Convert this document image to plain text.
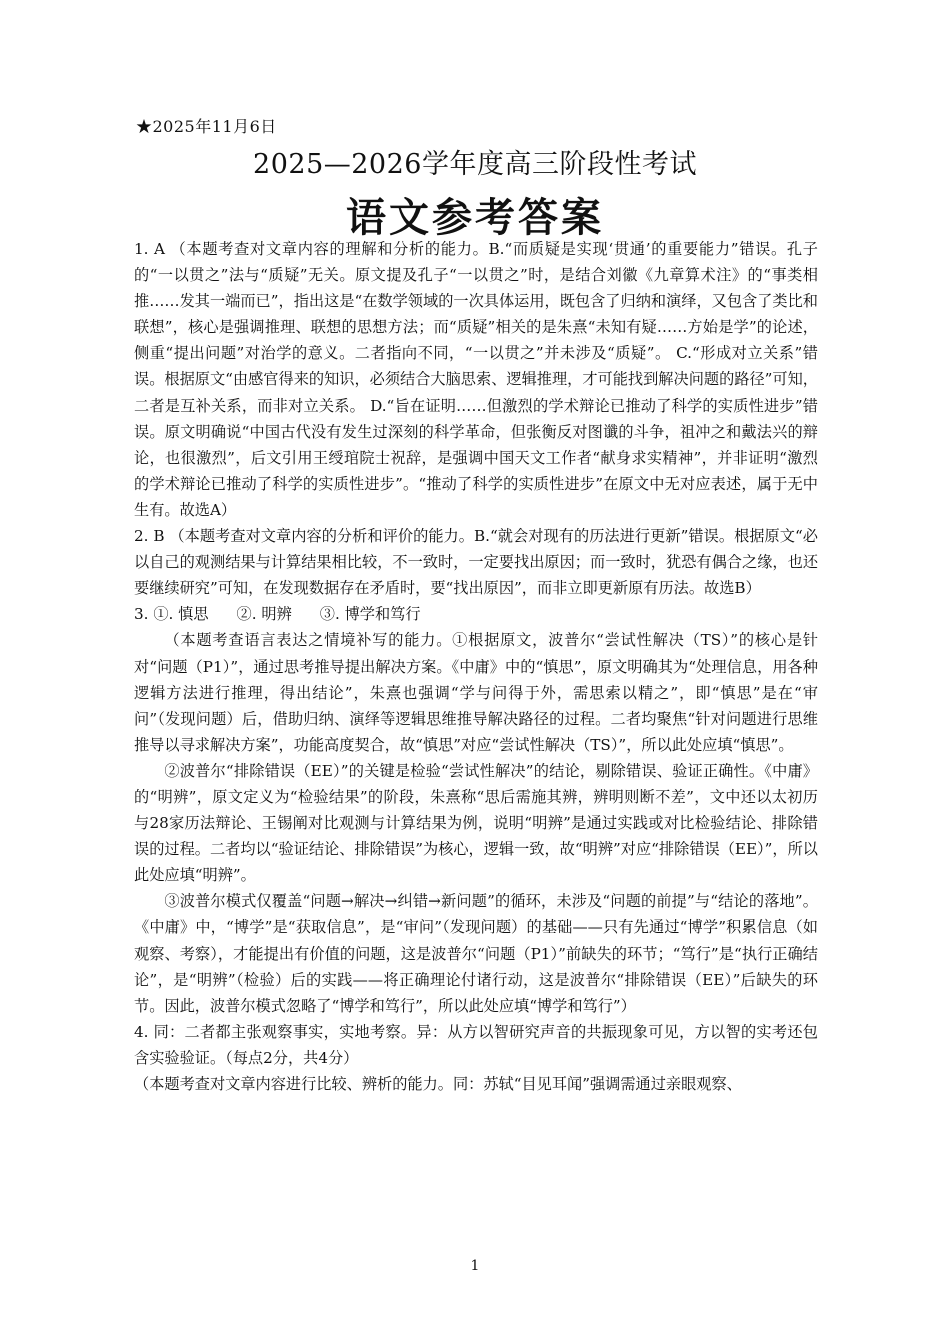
★2025年11月6日
2025—2026学年度高三阶段性考试
语文参考答案

1. A （本题考查对文章内容的理解和分析的能力。B.“而质疑是实现‘贯通’的重要能力”错误。孔子的“一以贯之”法与“质疑”无关。原文提及孔子“一以贯之”时，是结合刘徽《九章算术注》的“事类相推……发其一端而已”，指出这是“在数学领域的一次具体运用，既包含了归纳和演绎，又包含了类比和联想”，核心是强调推理、联想的思想方法；而“质疑”相关的是朱熹“未知有疑……方始是学”的论述，侧重“提出问题”对治学的意义。二者指向不同，“一以贯之”并未涉及“质疑”。 C.“形成对立关系”错误。根据原文“由感官得来的知识，必须结合大脑思索、逻辑推理，才可能找到解决问题的路径”可知，二者是互补关系，而非对立关系。 D.“旨在证明……但激烈的学术辩论已推动了科学的实质性进步”错误。原文明确说“中国古代没有发生过深刻的科学革命，但张衡反对图谶的斗争，祖冲之和戴法兴的辩论，也很激烈”，后文引用王绶琯院士祝辞，是强调中国天文工作者“献身求实精神”，并非证明“激烈的学术辩论已推动了科学的实质性进步”。“推动了科学的实质性进步”在原文中无对应表述，属于无中生有。故选A）

2. B （本题考查对文章内容的分析和评价的能力。B.“就会对现有的历法进行更新”错误。根据原文“必以自己的观测结果与计算结果相比较，不一致时，一定要找出原因；而一致时，犹恐有偶合之缘，也还要继续研究”可知，在发现数据存在矛盾时，要“找出原因”，而非立即更新原有历法。故选B）

3. ①. 慎思 ②. 明辨 ③. 博学和笃行

（本题考查语言表达之情境补写的能力。①根据原文，波普尔“尝试性解决（TS）”的核心是针对“问题（P1）”，通过思考推导提出解决方案。《中庸》中的“慎思”，原文明确其为“处理信息，用各种逻辑方法进行推理，得出结论”，朱熹也强调“学与问得于外，需思索以精之”，即“慎思”是在“审问”（发现问题）后，借助归纳、演绎等逻辑思维推导解决路径的过程。二者均聚焦“针对问题进行思维推导以寻求解决方案”，功能高度契合，故“慎思”对应“尝试性解决（TS）”，所以此处应填“慎思”。

②波普尔“排除错误（EE）”的关键是检验“尝试性解决”的结论，剔除错误、验证正确性。《中庸》的“明辨”，原文定义为“检验结果”的阶段，朱熹称“思后需施其辨，辨明则断不差”，文中还以太初历与28家历法辩论、王锡阐对比观测与计算结果为例，说明“明辨”是通过实践或对比检验结论、排除错误的过程。二者均以“验证结论、排除错误”为核心，逻辑一致，故“明辨”对应“排除错误（EE）”，所以此处应填“明辨”。

③波普尔模式仅覆盖“问题→解决→纠错→新问题”的循环，未涉及“问题的前提”与“结论的落地”。《中庸》中，“博学”是“获取信息”，是“审问”（发现问题）的基础——只有先通过“博学”积累信息（如观察、考察），才能提出有价值的问题，这是波普尔“问题（P1）”前缺失的环节；“笃行”是“执行正确结论”，是“明辨”（检验）后的实践——将正确理论付诸行动，这是波普尔“排除错误（EE）”后缺失的环节。因此，波普尔模式忽略了“博学和笃行”，所以此处应填“博学和笃行”）

4. 同：二者都主张观察事实，实地考察。异：从方以智研究声音的共振现象可见，方以智的实考还包含实验验证。（每点2分，共4分）

（本题考查对文章内容进行比较、辨析的能力。同：苏轼“目见耳闻”强调需通过亲眼观察、

1
